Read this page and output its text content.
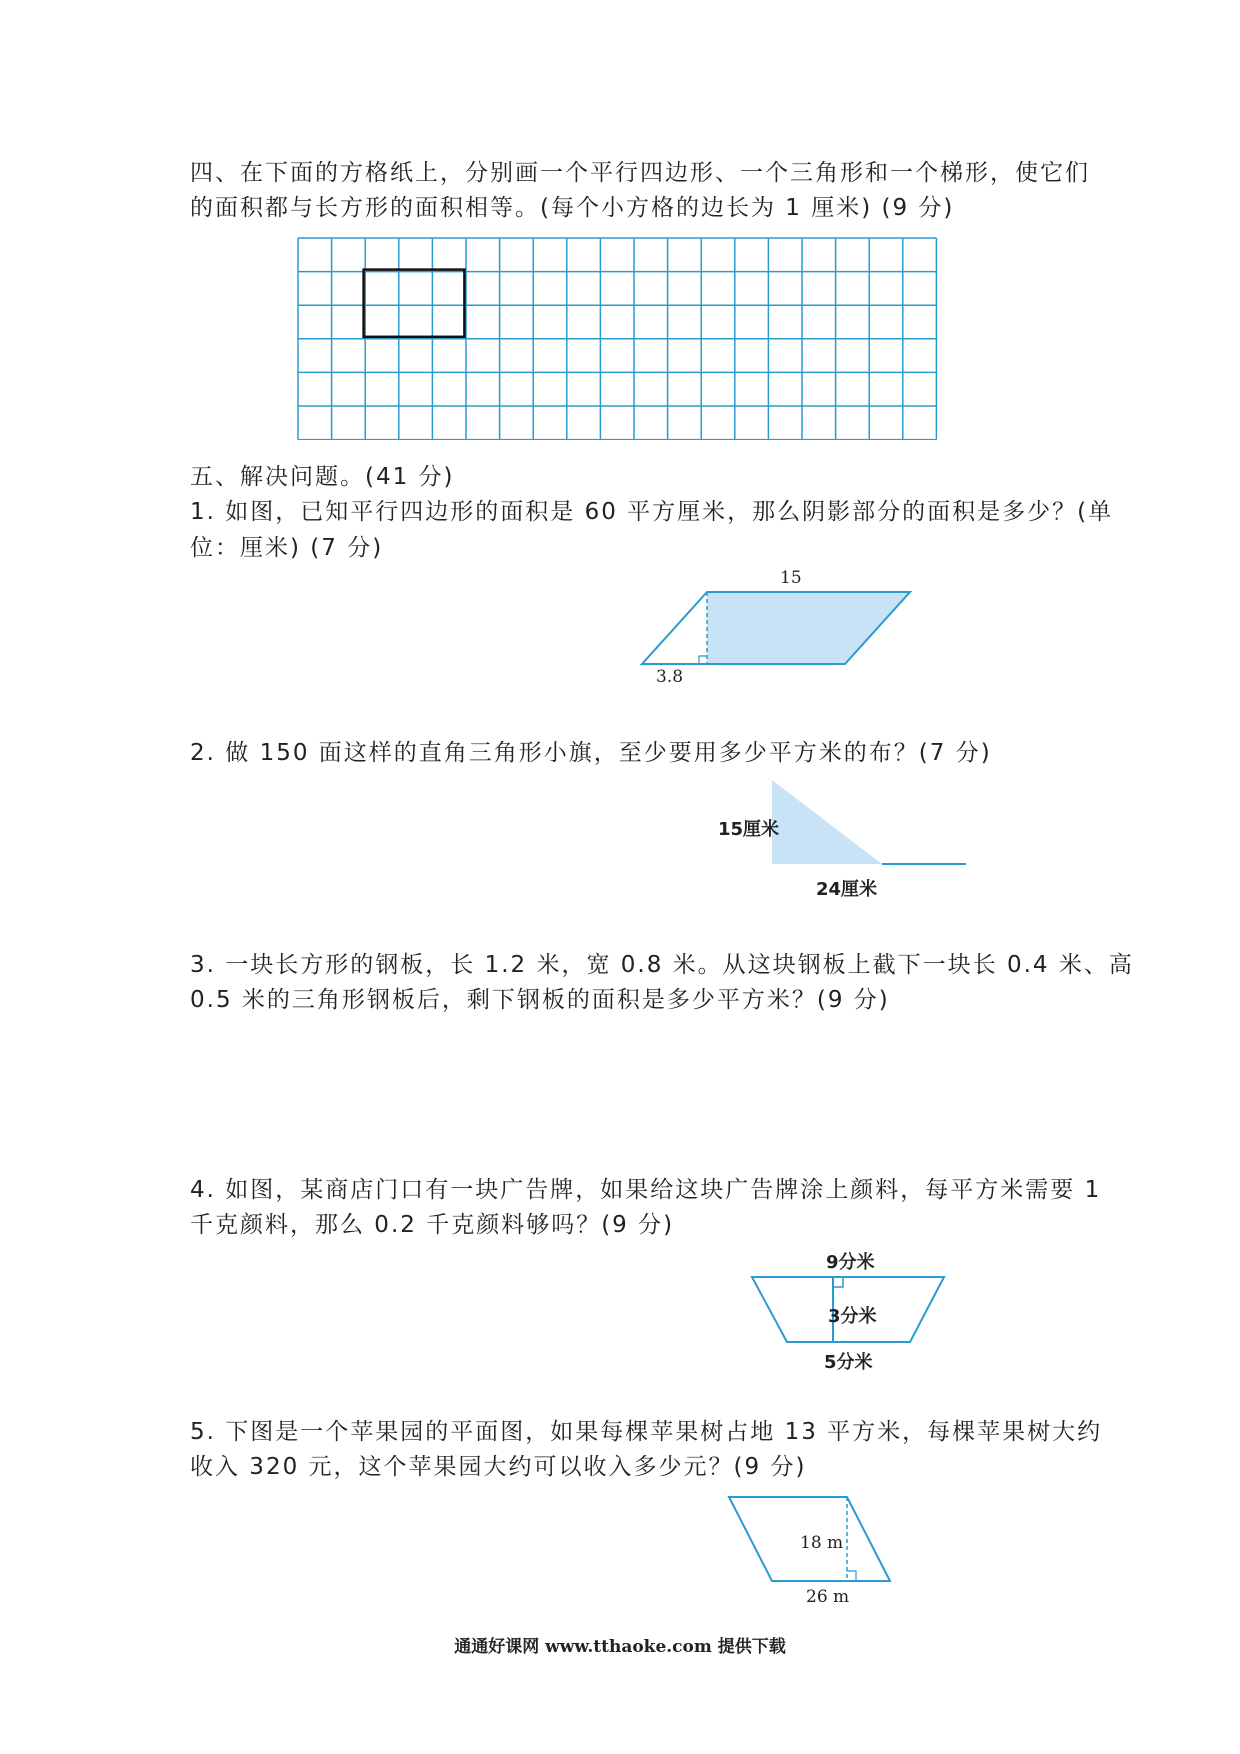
四、在下面的方格纸上，分别画一个平行四边形、一个三角形和一个梯形，使它们
的面积都与长方形的面积相等。(每个小方格的边长为 1 厘米) (9 分)
五、解决问题。(41 分)
1. 如图，已知平行四边形的面积是 60 平方厘米，那么阴影部分的面积是多少？(单
位：厘米) (7 分)
15
3.8
2. 做 150 面这样的直角三角形小旗，至少要用多少平方米的布？(7 分)
15厘米
24厘米
3. 一块长方形的钢板，长 1.2 米，宽 0.8 米。从这块钢板上截下一块长 0.4 米、高
0.5 米的三角形钢板后，剩下钢板的面积是多少平方米？(9 分)
4. 如图，某商店门口有一块广告牌，如果给这块广告牌涂上颜料，每平方米需要 1
千克颜料，那么 0.2 千克颜料够吗？(9 分)
9分米
3分米
5分米
5. 下图是一个苹果园的平面图，如果每棵苹果树占地 13 平方米，每棵苹果树大约
收入 320 元，这个苹果园大约可以收入多少元？(9 分)
18 m
26 m
通通好课网 www.tthaoke.com 提供下载
